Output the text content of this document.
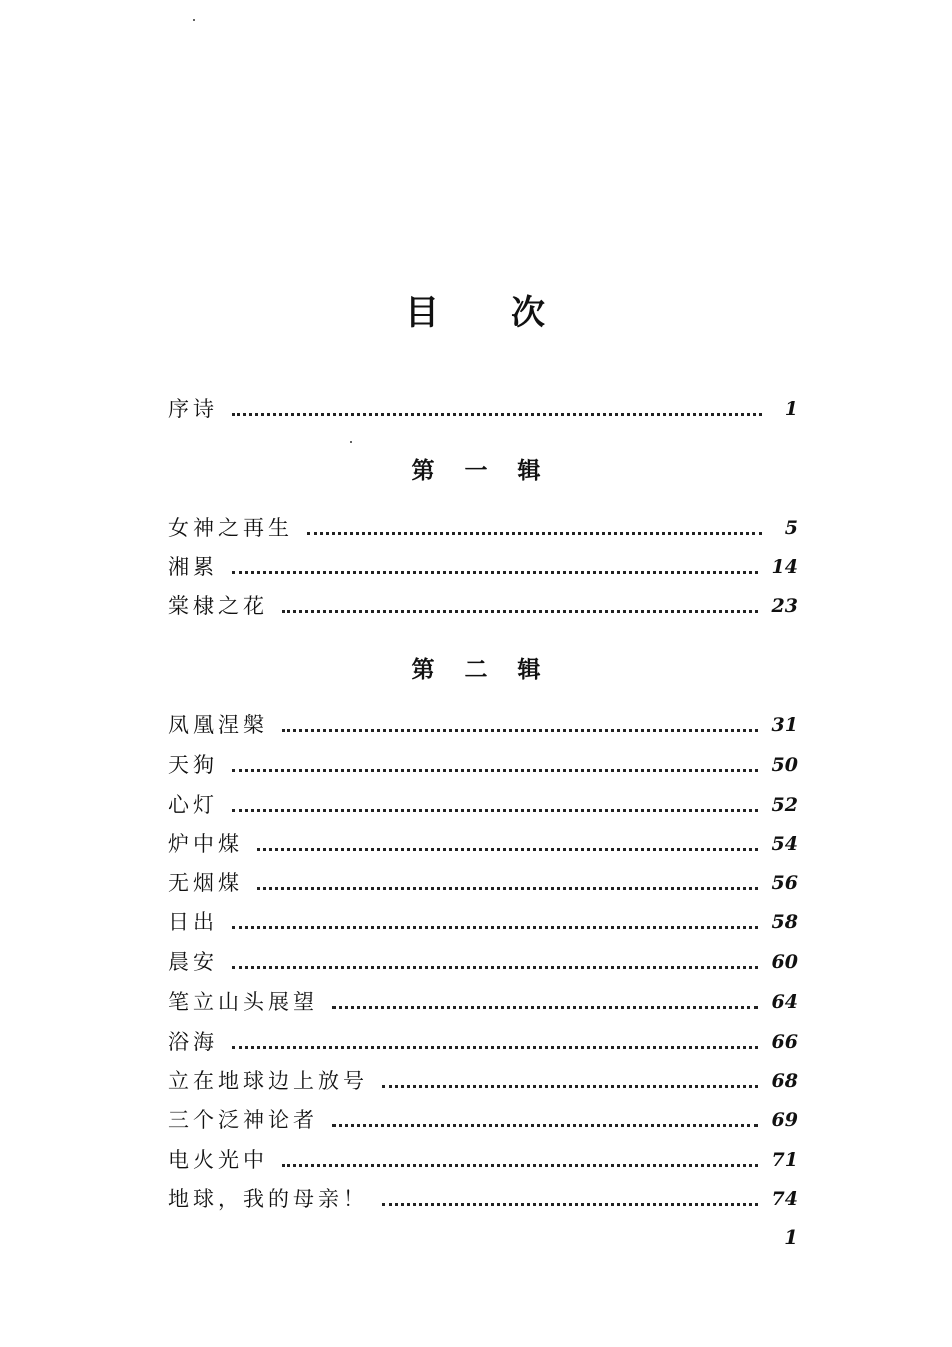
目 次
序诗	1
第 一 辑
女神之再生	5
湘累	14
棠棣之花	23
第 二 辑
凤凰涅槃	31
天狗	50
心灯	52
炉中煤	54
无烟煤	56
日出	58
晨安	60
笔立山头展望	64
浴海	66
立在地球边上放号	68
三个泛神论者	69
电火光中	71
地球，我的母亲！	74
1
